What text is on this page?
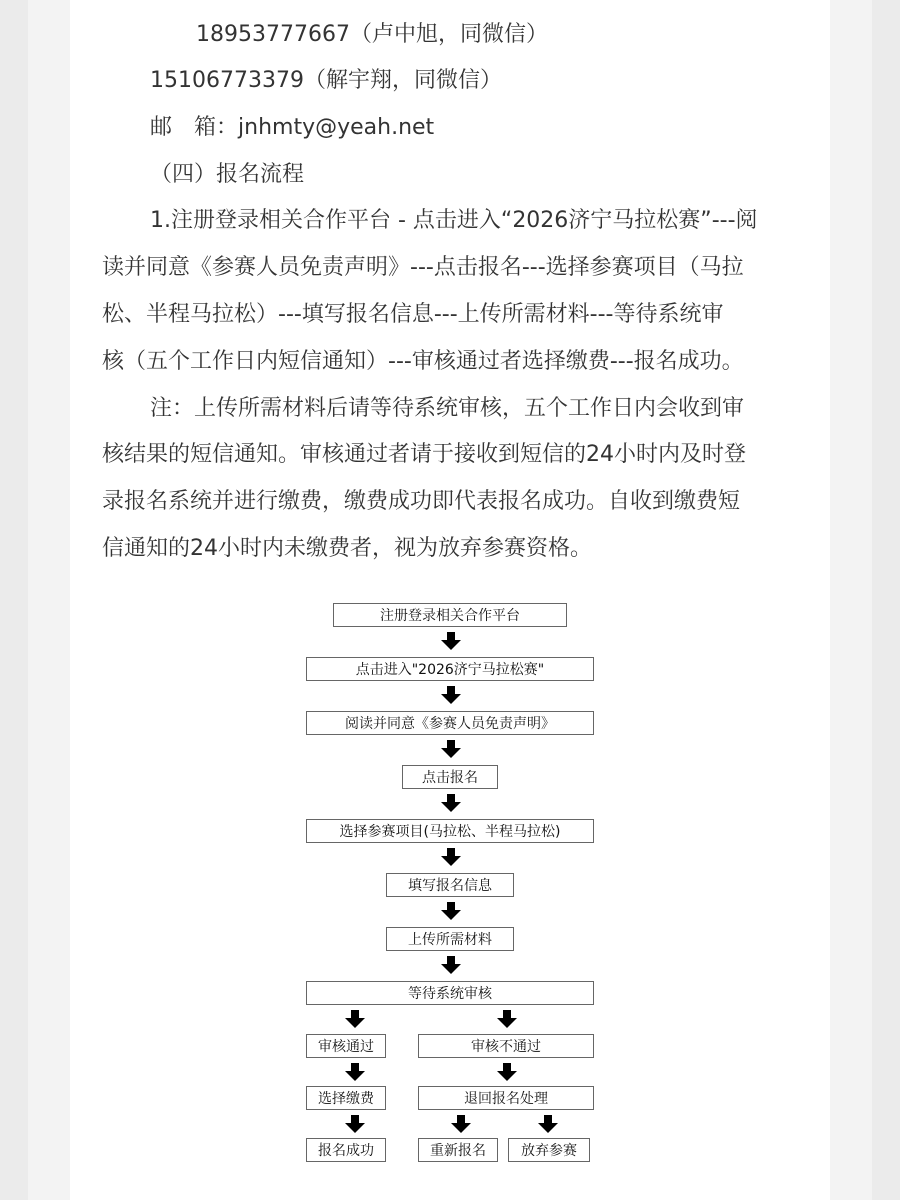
18953777667（卢中旭，同微信）
15106773379（解宇翔，同微信）
邮　箱：jnhmty@yeah.net
（四）报名流程
1.注册登录相关合作平台 - 点击进入“2026济宁马拉松赛”---阅
读并同意《参赛人员免责声明》---点击报名---选择参赛项目（马拉
松、半程马拉松）---填写报名信息---上传所需材料---等待系统审
核（五个工作日内短信通知）---审核通过者选择缴费---报名成功。
注：上传所需材料后请等待系统审核，五个工作日内会收到审
核结果的短信通知。审核通过者请于接收到短信的24小时内及时登
录报名系统并进行缴费，缴费成功即代表报名成功。自收到缴费短
信通知的24小时内未缴费者，视为放弃参赛资格。
注册登录相关合作平台
点击进入"2026济宁马拉松赛"
阅读并同意《参赛人员免责声明》
点击报名
选择参赛项目(马拉松、半程马拉松)
填写报名信息
上传所需材料
等待系统审核
审核通过	审核不通过
选择缴费	退回报名处理
报名成功	重新报名	放弃参赛
